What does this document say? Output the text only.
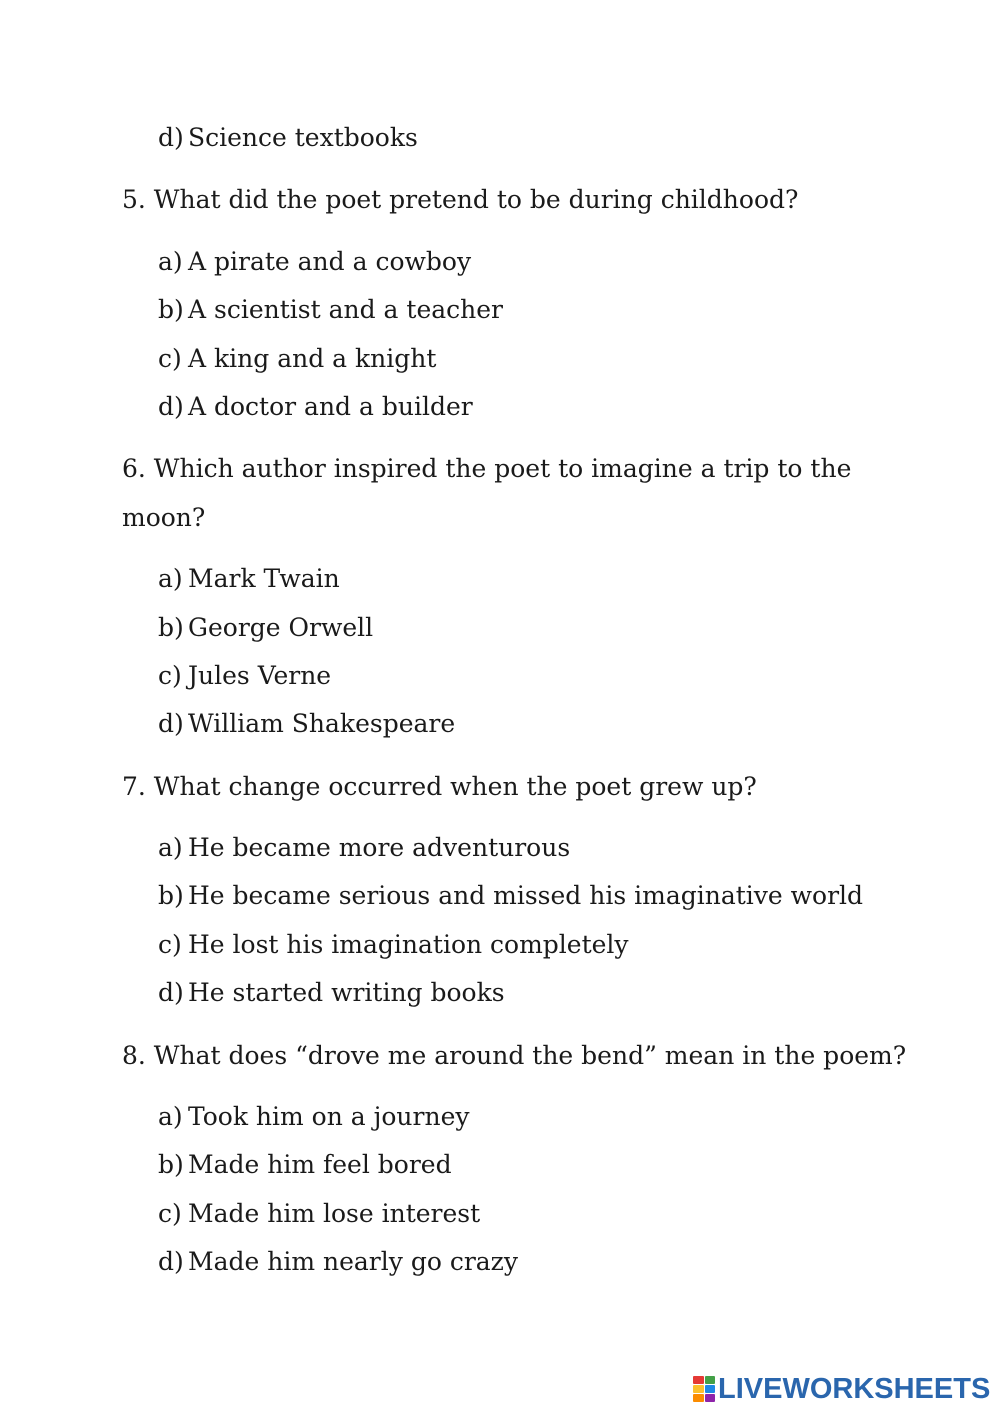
d) Science textbooks
5. What did the poet pretend to be during childhood?
a) A pirate and a cowboy
b) A scientist and a teacher
c) A king and a knight
d) A doctor and a builder
6. Which author inspired the poet to imagine a trip to the
moon?
a) Mark Twain
b) George Orwell
c) Jules Verne
d) William Shakespeare
7. What change occurred when the poet grew up?
a) He became more adventurous
b) He became serious and missed his imaginative world
c) He lost his imagination completely
d) He started writing books
8. What does “drove me around the bend” mean in the poem?
a) Took him on a journey
b) Made him feel bored
c) Made him lose interest
d) Made him nearly go crazy
LIVEWORKSHEETS
